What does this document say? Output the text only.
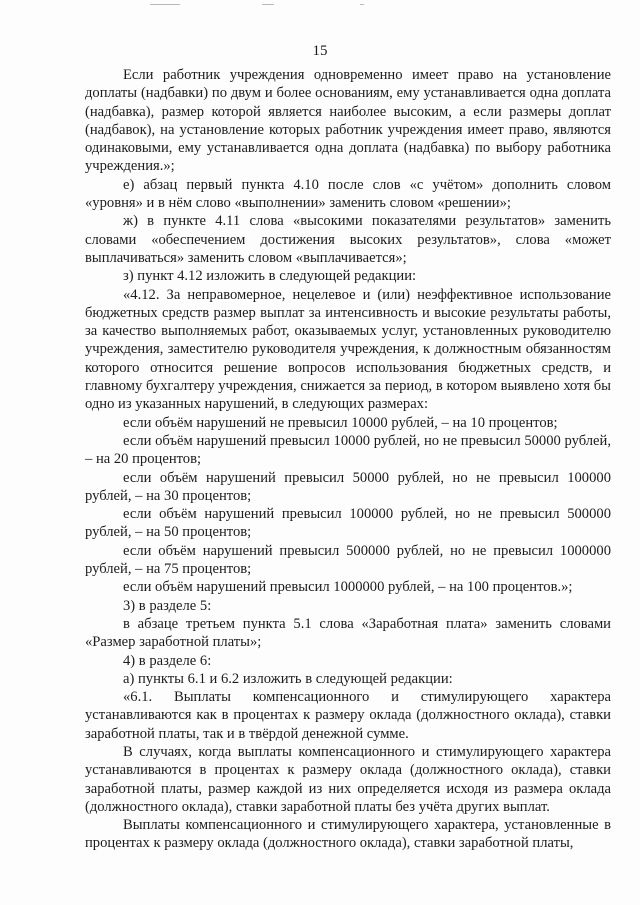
15

Если работник учреждения одновременно имеет право на установление доплаты (надбавки) по двум и более основаниям, ему устанавливается одна доплата (надбавка), размер которой является наиболее высоким, а если размеры доплат (надбавок), на установление которых работник учреждения имеет право, являются одинаковыми, ему устанавливается одна доплата (надбавка) по выбору работника учреждения.»;

е) абзац первый пункта 4.10 после слов «с учётом» дополнить словом «уровня» и в нём слово «выполнении» заменить словом «решении»;

ж) в пункте 4.11 слова «высокими показателями результатов» заменить словами «обеспечением достижения высоких результатов», слова «может выплачиваться» заменить словом «выплачивается»;

з) пункт 4.12 изложить в следующей редакции:

«4.12. За неправомерное, нецелевое и (или) неэффективное использование бюджетных средств размер выплат за интенсивность и высокие результаты работы, за качество выполняемых работ, оказываемых услуг, установленных руководителю учреждения, заместителю руководителя учреждения, к должностным обязанностям которого относится решение вопросов использования бюджетных средств, и главному бухгалтеру учреждения, снижается за период, в котором выявлено хотя бы одно из указанных нарушений, в следующих размерах:

если объём нарушений не превысил 10000 рублей, – на 10 процентов;

если объём нарушений превысил 10000 рублей, но не превысил 50000 рублей, – на 20 процентов;

если объём нарушений превысил 50000 рублей, но не превысил 100000 рублей, – на 30 процентов;

если объём нарушений превысил 100000 рублей, но не превысил 500000 рублей, – на 50 процентов;

если объём нарушений превысил 500000 рублей, но не превысил 1000000 рублей, – на 75 процентов;

если объём нарушений превысил 1000000 рублей, – на 100 процентов.»;

3) в разделе 5:

в абзаце третьем пункта 5.1 слова «Заработная плата» заменить словами «Размер заработной платы»;

4) в разделе 6:

а) пункты 6.1 и 6.2 изложить в следующей редакции:

«6.1. Выплаты компенсационного и стимулирующего характера устанавливаются как в процентах к размеру оклада (должностного оклада), ставки заработной платы, так и в твёрдой денежной сумме.

В случаях, когда выплаты компенсационного и стимулирующего характера устанавливаются в процентах к размеру оклада (должностного оклада), ставки заработной платы, размер каждой из них определяется исходя из размера оклада (должностного оклада), ставки заработной платы без учёта других выплат.

Выплаты компенсационного и стимулирующего характера, установленные в процентах к размеру оклада (должностного оклада), ставки заработной платы,
